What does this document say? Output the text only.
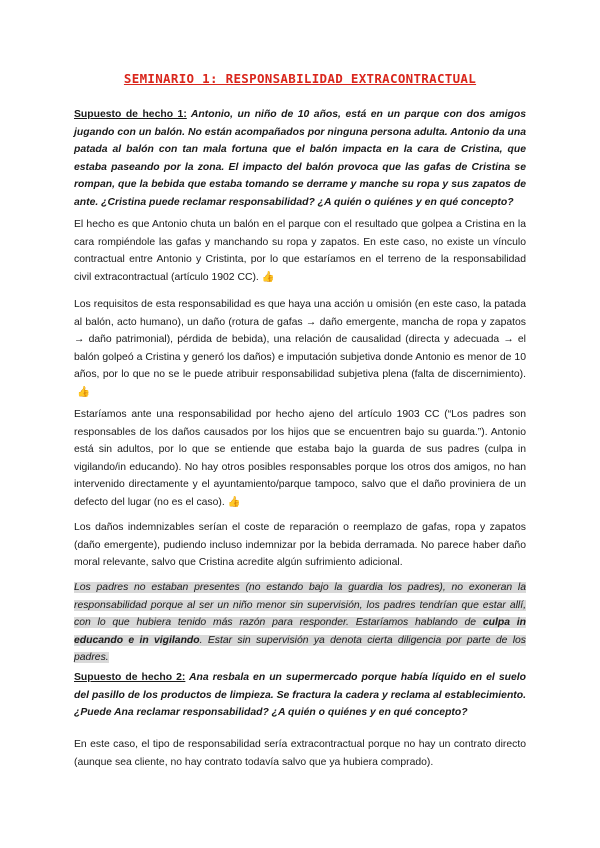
SEMINARIO 1: RESPONSABILIDAD EXTRACONTRACTUAL

Supuesto de hecho 1: Antonio, un niño de 10 años, está en un parque con dos amigos jugando con un balón. No están acompañados por ninguna persona adulta. Antonio da una patada al balón con tan mala fortuna que el balón impacta en la cara de Cristina, que estaba paseando por la zona. El impacto del balón provoca que las gafas de Cristina se rompan, que la bebida que estaba tomando se derrame y manche su ropa y sus zapatos de ante. ¿Cristina puede reclamar responsabilidad? ¿A quién o quiénes y en qué concepto?

El hecho es que Antonio chuta un balón en el parque con el resultado que golpea a Cristina en la cara rompiéndole las gafas y manchando su ropa y zapatos. En este caso, no existe un vínculo contractual entre Antonio y Cristinta, por lo que estaríamos en el terreno de la responsabilidad civil extracontractual (artículo 1902 CC). 👍

Los requisitos de esta responsabilidad es que haya una acción u omisión (en este caso, la patada al balón, acto humano), un daño (rotura de gafas → daño emergente, mancha de ropa y zapatos → daño patrimonial), pérdida de bebida), una relación de causalidad (directa y adecuada → el balón golpeó a Cristina y generó los daños) e imputación subjetiva donde Antonio es menor de 10 años, por lo que no se le puede atribuir responsabilidad subjetiva plena (falta de discernimiento).👍

Estaríamos ante una responsabilidad por hecho ajeno del artículo 1903 CC (“Los padres son responsables de los daños causados por los hijos que se encuentren bajo su guarda.”). Antonio está sin adultos, por lo que se entiende que estaba bajo la guarda de sus padres (culpa in vigilando/in educando). No hay otros posibles responsables porque los otros dos amigos, no han intervenido directamente y el ayuntamiento/parque tampoco, salvo que el daño proviniera de un defecto del lugar (no es el caso). 👍

Los daños indemnizables serían el coste de reparación o reemplazo de gafas, ropa y zapatos (daño emergente), pudiendo incluso indemnizar por la bebida derramada. No parece haber daño moral relevante, salvo que Cristina acredite algún sufrimiento adicional.

Los padres no estaban presentes (no estando bajo la guardia los padres), no exoneran la responsabilidad porque al ser un niño menor sin supervisión, los padres tendrían que estar allí, con lo que hubiera tenido más razón para responder. Estaríamos hablando de culpa in educando e in vigilando. Estar sin supervisión ya denota cierta diligencia por parte de los padres.

Supuesto de hecho 2: Ana resbala en un supermercado porque había líquido en el suelo del pasillo de los productos de limpieza. Se fractura la cadera y reclama al establecimiento. ¿Puede Ana reclamar responsabilidad? ¿A quién o quiénes y en qué concepto?

En este caso, el tipo de responsabilidad sería extracontractual porque no hay un contrato directo (aunque sea cliente, no hay contrato todavía salvo que ya hubiera comprado).
